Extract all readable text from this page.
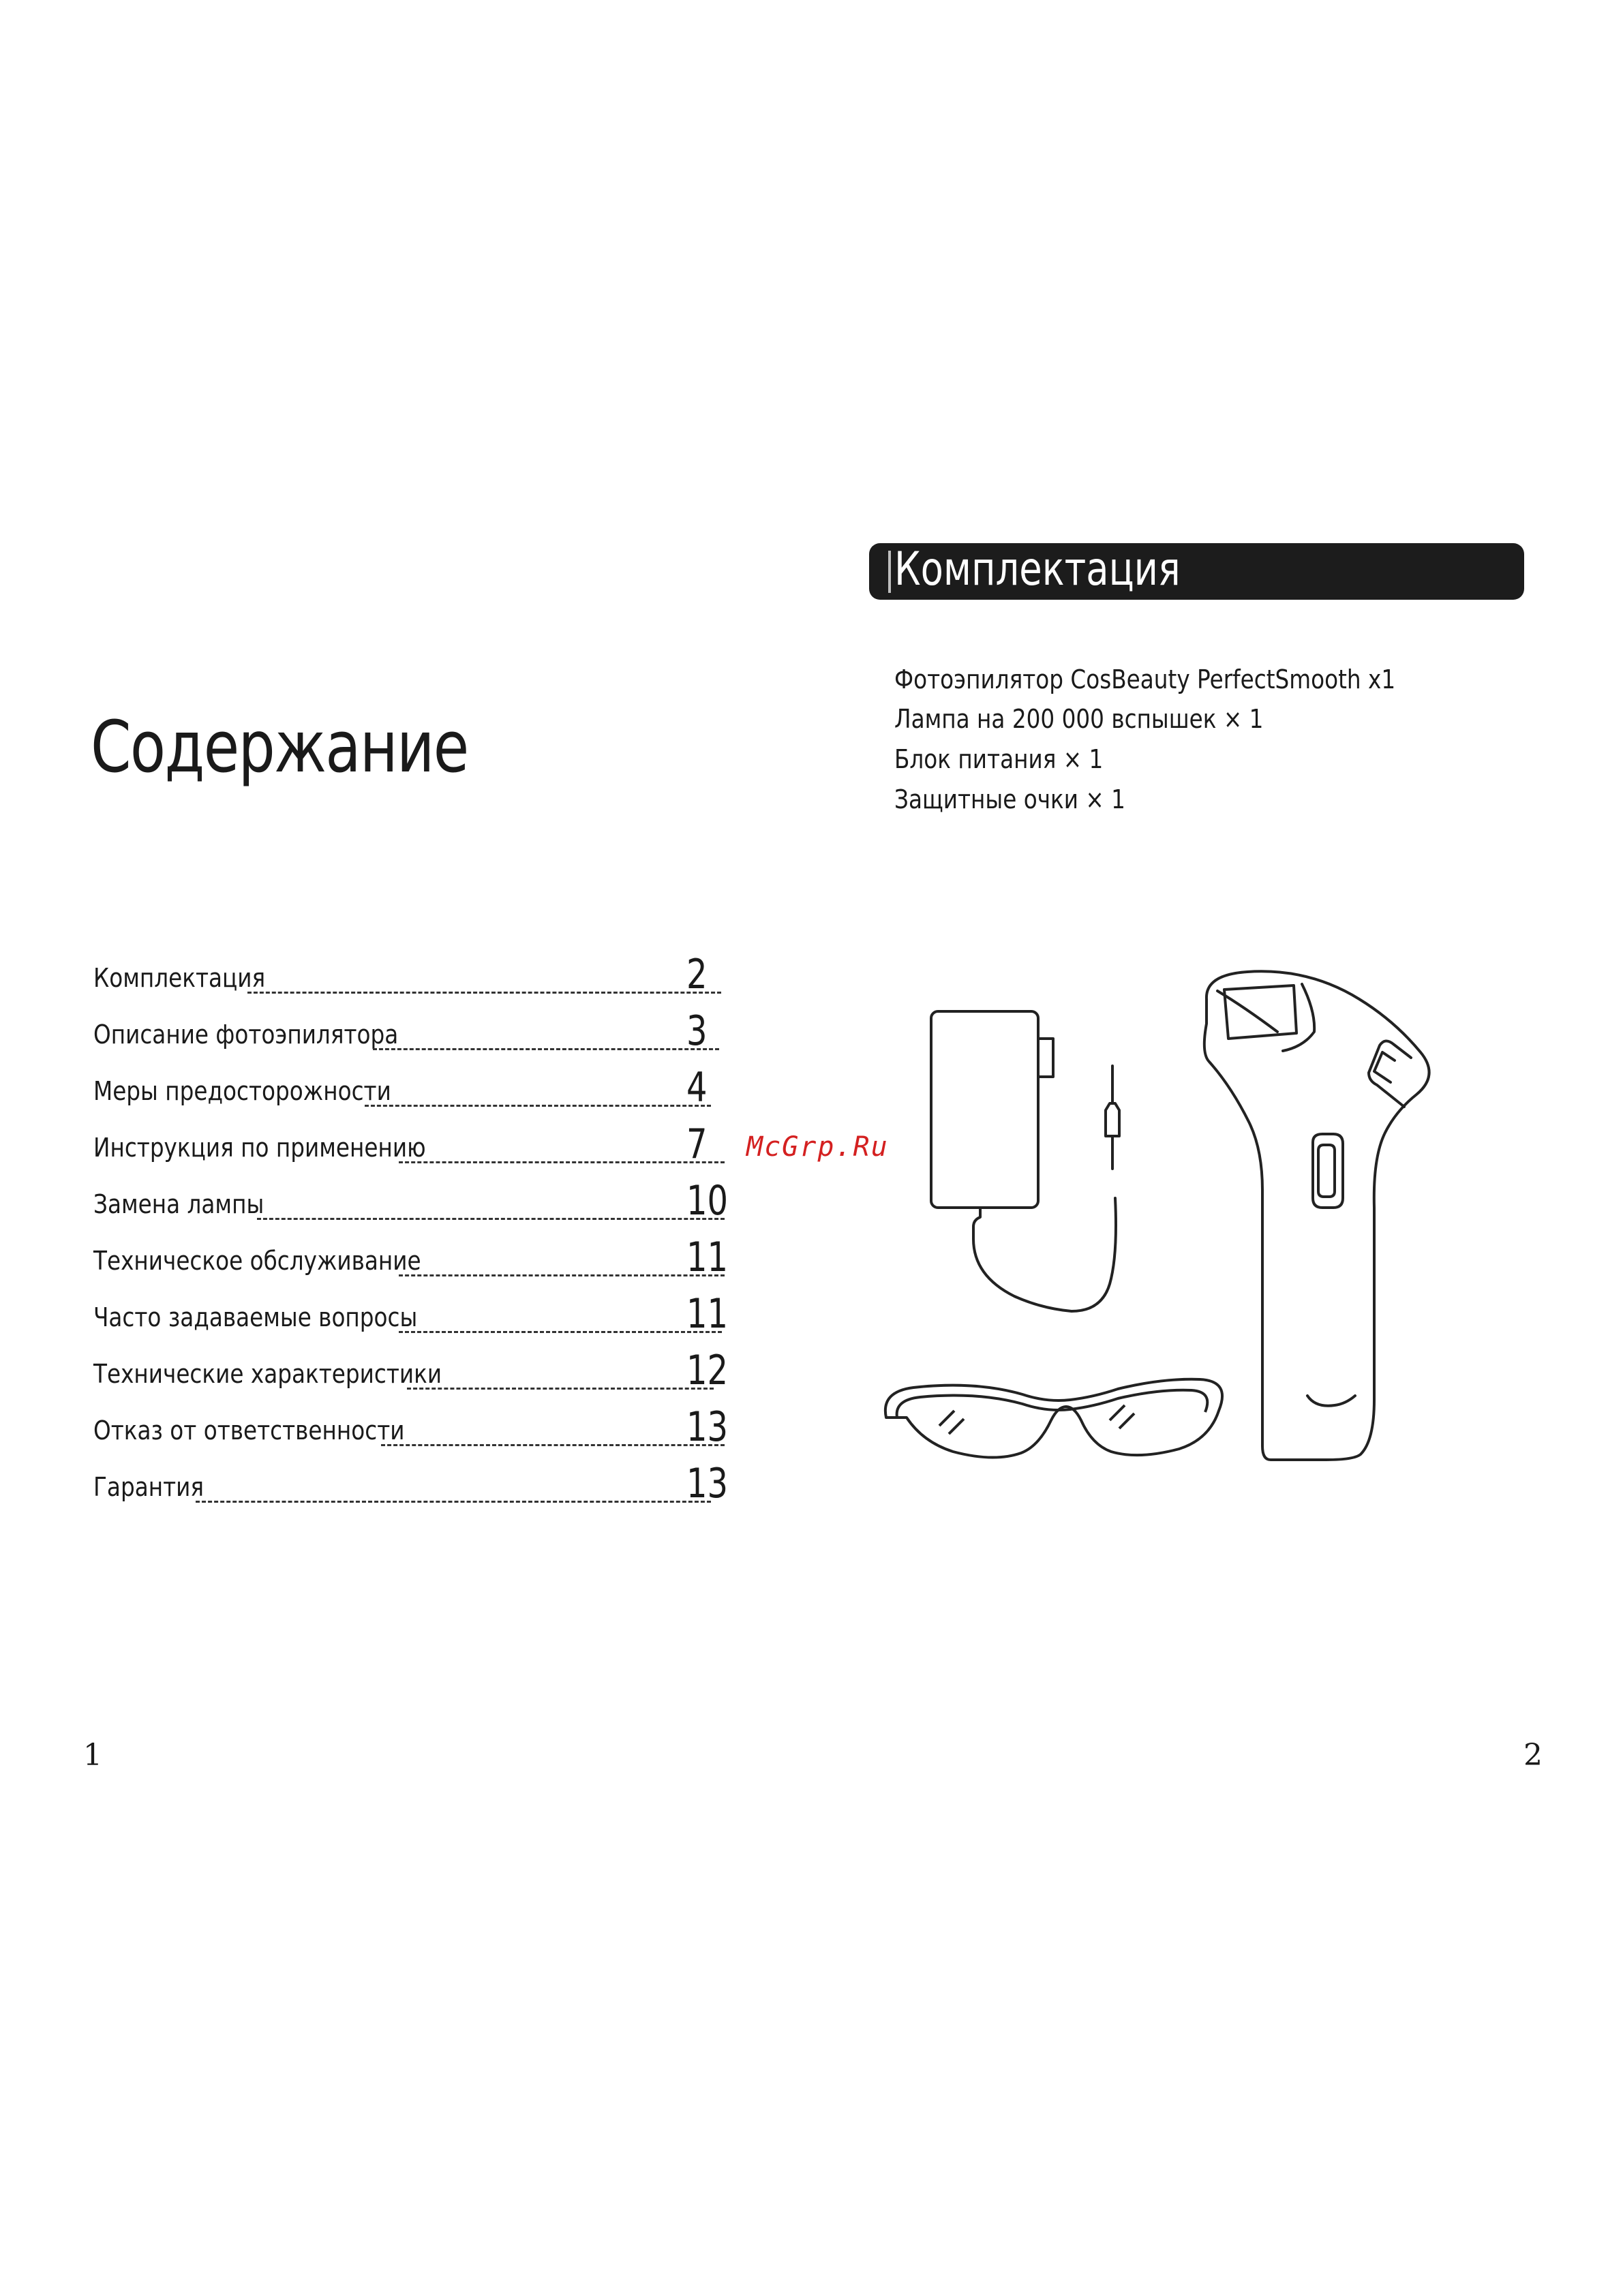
Содержание
Комплектация	2
Описание фотоэпилятора	3
Меры предосторожности	4
Инструкция по применению	7
Замена лампы	10
Техническое обслуживание	11
Часто задаваемые вопросы	11
Технические характеристики	12
Отказ от ответственности	13
Гарантия	13
1
Комплектация
Фотоэпилятор CosBeauty PerfectSmooth x1
Лампа на 200 000 вспышек × 1
Блок питания × 1
Защитные очки × 1
McGrp.Ru
2
